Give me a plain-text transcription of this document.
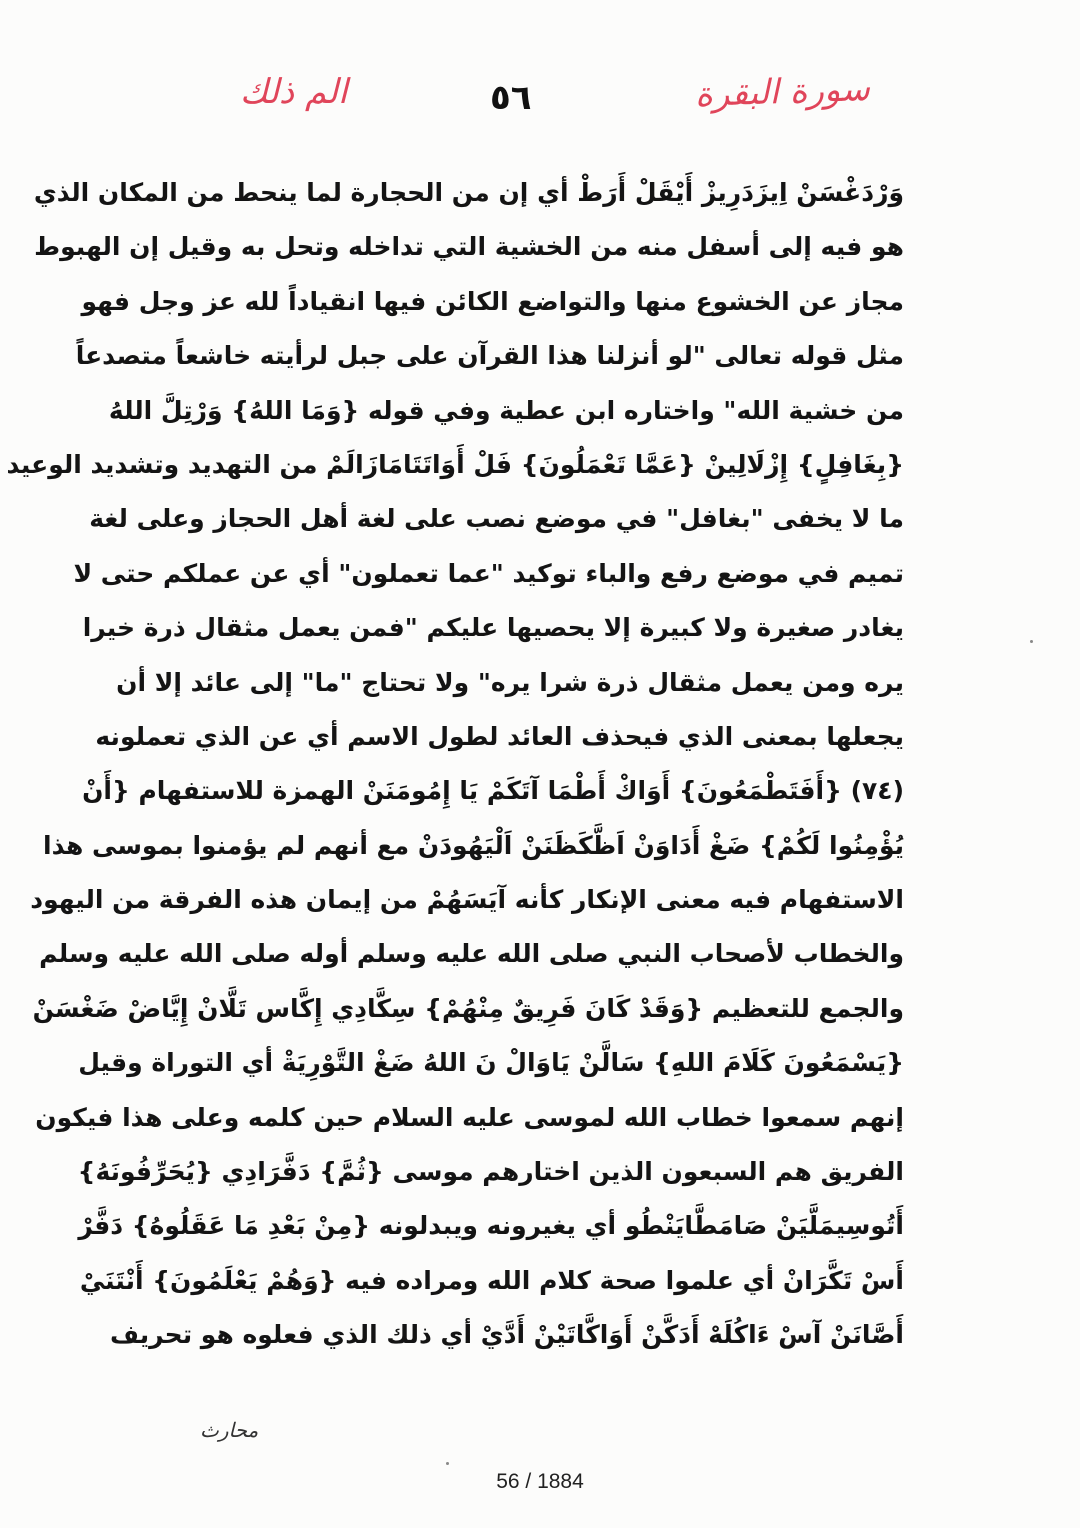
سورة البقرة
٥٦
الم ذلك
وَرْدَغْسَنْ اِيزَدَرِيزْ أَيْقَلْ أَرَطْ أي إن من الحجارة لما ينحط من المكان الذي
هو فيه إلى أسفل منه من الخشية التي تداخله وتحل به وقيل إن الهبوط
مجاز عن الخشوع منها والتواضع الكائن فيها انقياداً لله عز وجل فهو
مثل قوله تعالى "لو أنزلنا هذا القرآن على جبل لرأيته خاشعاً متصدعاً
من خشية الله" واختاره ابن عطية وفي قوله {وَمَا اللهُ} وَرْتِلَّ اللهُ
{بِغَافِلٍ} إِزْلَالِينْ {عَمَّا تَعْمَلُونَ} فَلْ أَوَاتَتَامَازَالَمْ من التهديد وتشديد الوعيد
ما لا يخفى "بغافل" في موضع نصب على لغة أهل الحجاز وعلى لغة
تميم في موضع رفع والباء توكيد "عما تعملون" أي عن عملكم حتى لا
يغادر صغيرة ولا كبيرة إلا يحصيها عليكم "فمن يعمل مثقال ذرة خيرا
يره ومن يعمل مثقال ذرة شرا يره" ولا تحتاج "ما" إلى عائد إلا أن
يجعلها بمعنى الذي فيحذف العائد لطول الاسم أي عن الذي تعملونه
(٧٤) {أَفَتَطْمَعُونَ} أَوَاكْ أَطْمَا آتَكَمْ يَا إِمُومَنَنْ الهمزة للاستفهام {أَنْ
يُؤْمِنُوا لَكُمْ} ضَغْ أَدَاوَنْ اَظَّكَظَنَنْ اَلْيَهُودَنْ مع أنهم لم يؤمنوا بموسى هذا
الاستفهام فيه معنى الإنكار كأنه آيَسَهُمْ من إيمان هذه الفرقة من اليهود
والخطاب لأصحاب النبي صلى الله عليه وسلم أوله صلى الله عليه وسلم
والجمع للتعظيم {وَقَدْ كَانَ فَرِيقٌ مِنْهُمْ} سِكَّادِي إِكَّاس تَلَّانْ إِيَّاضْ ضَغْسَنْ
{يَسْمَعُونَ كَلَامَ اللهِ} سَالَّنْ يَاوَالْ نَ اللهُ ضَغْ التَّوْرِيَةْ أي التوراة وقيل
إنهم سمعوا خطاب الله لموسى عليه السلام حين كلمه وعلى هذا فيكون
الفريق هم السبعون الذين اختارهم موسى {ثُمَّ} دَفَّرَادِي {يُحَرِّفُونَهُ}
أَتُوسِيمَلَّيَنْ صَامَطَّايَنْطُو أي يغيرونه ويبدلونه {مِنْ بَعْدِ مَا عَقَلُوهُ} دَفَّرْ
أَسْ تَكَّرَانْ أي علموا صحة كلام الله ومراده فيه {وَهُمْ يَعْلَمُونَ} أَنْتَنَيْ
أَصَّانَنْ آسْ ءَاكُلَهْ أَدَكَّنْ أَوَاكَّاتَيْنْ أَدَّيْ أي ذلك الذي فعلوه هو تحريف
محارث
56 / 1884
